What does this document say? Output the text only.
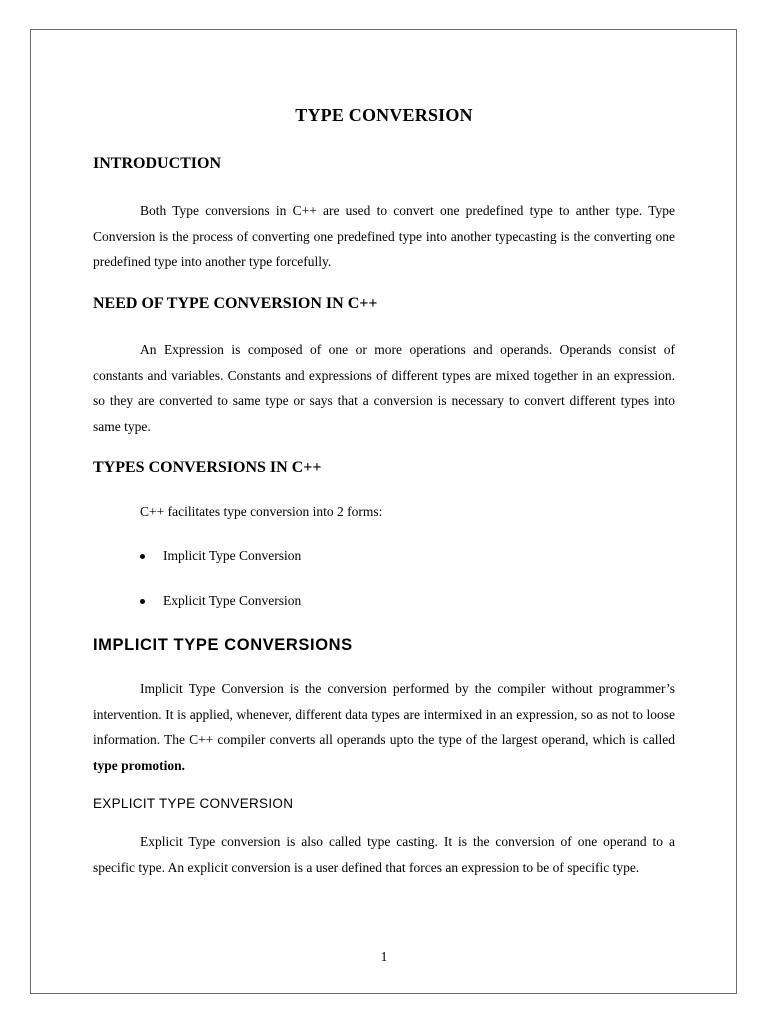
TYPE CONVERSION
INTRODUCTION

Both Type conversions in C++ are used to convert one predefined type to anther type. Type Conversion is the process of converting one predefined type into another typecasting is the converting one predefined type into another type forcefully.

NEED OF TYPE CONVERSION IN C++

An Expression is composed of one or more operations and operands. Operands consist of constants and variables. Constants and expressions of different types are mixed together in an expression. so they are converted to same type or says that a conversion is necessary to convert different types into same type.

TYPES CONVERSIONS IN C++
C++ facilitates type conversion into 2 forms:
Implicit Type Conversion
Explicit Type Conversion
IMPLICIT TYPE CONVERSIONS

Implicit Type Conversion is the conversion performed by the compiler without programmer’s intervention. It is applied, whenever, different data types are intermixed in an expression, so as not to loose information. The C++ compiler converts all operands upto the type of the largest operand, which is called type promotion.

EXPLICIT TYPE CONVERSION

Explicit Type conversion is also called type casting. It is the conversion of one operand to a specific type. An explicit conversion is a user defined that forces an expression to be of specific type.

1
